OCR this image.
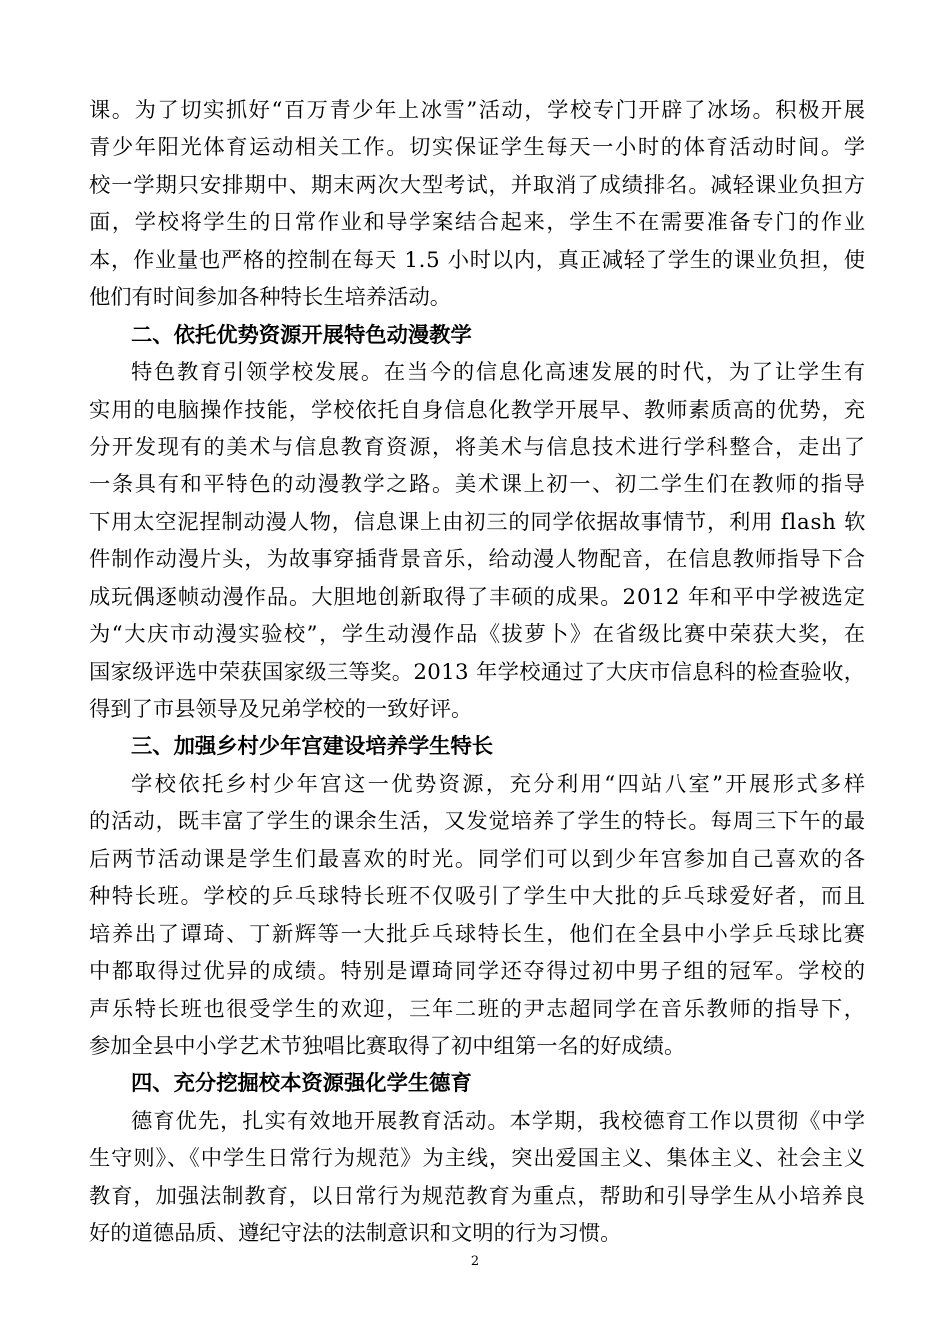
课。为了切实抓好“百万青少年上冰雪”活动，学校专门开辟了冰场。积极开展
青少年阳光体育运动相关工作。切实保证学生每天一小时的体育活动时间。学
校一学期只安排期中、期末两次大型考试，并取消了成绩排名。减轻课业负担方
面，学校将学生的日常作业和导学案结合起来，学生不在需要准备专门的作业
本，作业量也严格的控制在每天 1.5 小时以内，真正减轻了学生的课业负担，使
他们有时间参加各种特长生培养活动。
二、依托优势资源开展特色动漫教学
特色教育引领学校发展。在当今的信息化高速发展的时代，为了让学生有
实用的电脑操作技能，学校依托自身信息化教学开展早、教师素质高的优势，充
分开发现有的美术与信息教育资源，将美术与信息技术进行学科整合，走出了
一条具有和平特色的动漫教学之路。美术课上初一、初二学生们在教师的指导
下用太空泥捏制动漫人物，信息课上由初三的同学依据故事情节，利用 flash 软
件制作动漫片头，为故事穿插背景音乐，给动漫人物配音，在信息教师指导下合
成玩偶逐帧动漫作品。大胆地创新取得了丰硕的成果。2012 年和平中学被选定
为“大庆市动漫实验校”，学生动漫作品《拔萝卜》在省级比赛中荣获大奖，在
国家级评选中荣获国家级三等奖。2013 年学校通过了大庆市信息科的检查验收，
得到了市县领导及兄弟学校的一致好评。
三、加强乡村少年宫建设培养学生特长
学校依托乡村少年宫这一优势资源，充分利用“四站八室”开展形式多样
的活动，既丰富了学生的课余生活，又发觉培养了学生的特长。每周三下午的最
后两节活动课是学生们最喜欢的时光。同学们可以到少年宫参加自己喜欢的各
种特长班。学校的乒乓球特长班不仅吸引了学生中大批的乒乓球爱好者，而且
培养出了谭琦、丁新辉等一大批乒乓球特长生，他们在全县中小学乒乓球比赛
中都取得过优异的成绩。特别是谭琦同学还夺得过初中男子组的冠军。学校的
声乐特长班也很受学生的欢迎，三年二班的尹志超同学在音乐教师的指导下，
参加全县中小学艺术节独唱比赛取得了初中组第一名的好成绩。
四、充分挖掘校本资源强化学生德育
德育优先，扎实有效地开展教育活动。本学期，我校德育工作以贯彻《中学
生守则》、《中学生日常行为规范》为主线，突出爱国主义、集体主义、社会主义
教育，加强法制教育，以日常行为规范教育为重点，帮助和引导学生从小培养良
好的道德品质、遵纪守法的法制意识和文明的行为习惯。
2
